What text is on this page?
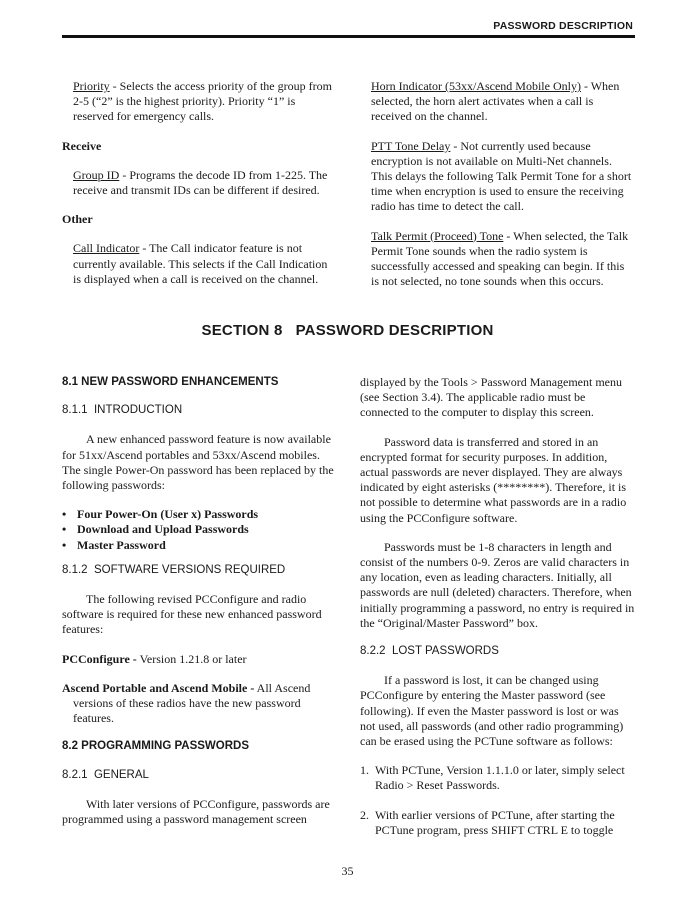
PASSWORD DESCRIPTION

Priority - Selects the access priority of the group from 2-5 (“2” is the highest priority). Priority “1” is reserved for emergency calls.

Receive

Group ID - Programs the decode ID from 1-225. The receive and transmit IDs can be different if desired.

Other

Call Indicator - The Call indicator feature is not currently available. This selects if the Call Indication is displayed when a call is received on the channel.

Horn Indicator (53xx/Ascend Mobile Only) - When selected, the horn alert activates when a call is received on the channel.

PTT Tone Delay - Not currently used because encryption is not available on Multi-Net channels. This delays the following Talk Permit Tone for a short time when encryption is used to ensure the receiving radio has time to detect the call.

Talk Permit (Proceed) Tone - When selected, the Talk Permit Tone sounds when the radio system is successfully accessed and speaking can begin. If this is not selected, no tone sounds when this occurs.

SECTION 8   PASSWORD DESCRIPTION

8.1 NEW PASSWORD ENHANCEMENTS

8.1.1  INTRODUCTION

A new enhanced password feature is now available for 51xx/Ascend portables and 53xx/Ascend mobiles. The single Power-On password has been replaced by the following passwords:

• Four Power-On (User x) Passwords
• Download and Upload Passwords
• Master Password

8.1.2  SOFTWARE VERSIONS REQUIRED

The following revised PCConfigure and radio software is required for these new enhanced password features:

PCConfigure - Version 1.21.8 or later

Ascend Portable and Ascend Mobile - All Ascend versions of these radios have the new password features.

8.2 PROGRAMMING PASSWORDS

8.2.1  GENERAL

With later versions of PCConfigure, passwords are programmed using a password management screen

displayed by the Tools > Password Management menu (see Section 3.4). The applicable radio must be connected to the computer to display this screen.

Password data is transferred and stored in an encrypted format for security purposes. In addition, actual passwords are never displayed. They are always indicated by eight asterisks (********). Therefore, it is not possible to determine what passwords are in a radio using the PCConfigure software.

Passwords must be 1-8 characters in length and consist of the numbers 0-9. Zeros are valid characters in any location, even as leading characters. Initially, all passwords are null (deleted) characters. Therefore, when initially programming a password, no entry is required in the “Original/Master Password” box.

8.2.2  LOST PASSWORDS

If a password is lost, it can be changed using PCConfigure by entering the Master password (see following). If even the Master password is lost or was not used, all passwords (and other radio programming) can be erased using the PCTune software as follows:

1. With PCTune, Version 1.1.1.0 or later, simply select Radio > Reset Passwords.
2. With earlier versions of PCTune, after starting the PCTune program, press SHIFT CTRL E to toggle
35
